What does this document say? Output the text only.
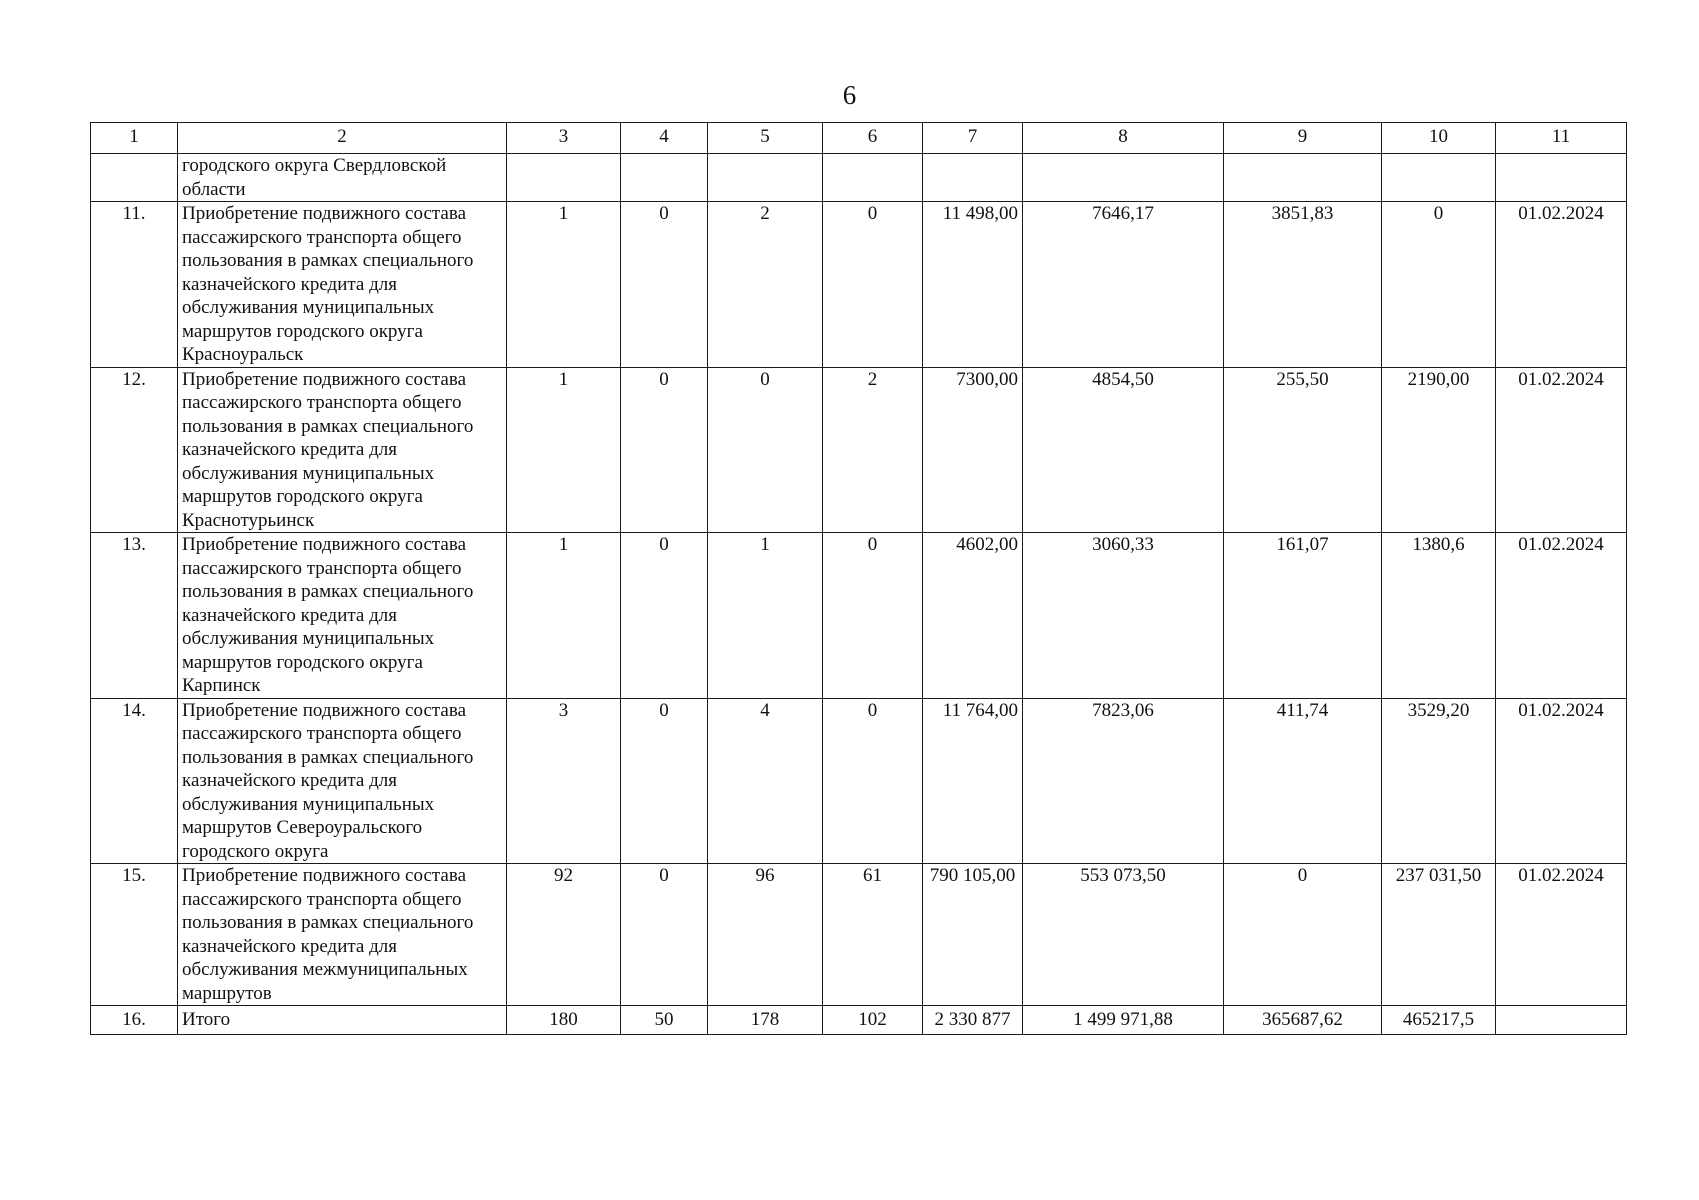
6
1	2	3	4	5	6	7	8	9	10	11
	городского округа Свердловской области									
11.	Приобретение подвижного состава пассажирского транспорта общего пользования в рамках специального казначейского кредита для обслуживания муниципальных маршрутов городского округа Красноуральск	1	0	2	0	11 498,00	7646,17	3851,83	0	01.02.2024
12.	Приобретение подвижного состава пассажирского транспорта общего пользования в рамках специального казначейского кредита для обслуживания муниципальных маршрутов городского округа Краснотурьинск	1	0	0	2	7300,00	4854,50	255,50	2190,00	01.02.2024
13.	Приобретение подвижного состава пассажирского транспорта общего пользования в рамках специального казначейского кредита для обслуживания муниципальных маршрутов городского округа Карпинск	1	0	1	0	4602,00	3060,33	161,07	1380,6	01.02.2024
14.	Приобретение подвижного состава пассажирского транспорта общего пользования в рамках специального казначейского кредита для обслуживания муниципальных маршрутов Североуральского городского округа	3	0	4	0	11 764,00	7823,06	411,74	3529,20	01.02.2024
15.	Приобретение подвижного состава пассажирского транспорта общего пользования в рамках специального казначейского кредита для обслуживания межмуниципальных маршрутов	92	0	96	61	790 105,00	553 073,50	0	237 031,50	01.02.2024
16.	Итого	180	50	178	102	2 330 877	1 499 971,88	365687,62	465217,5	
